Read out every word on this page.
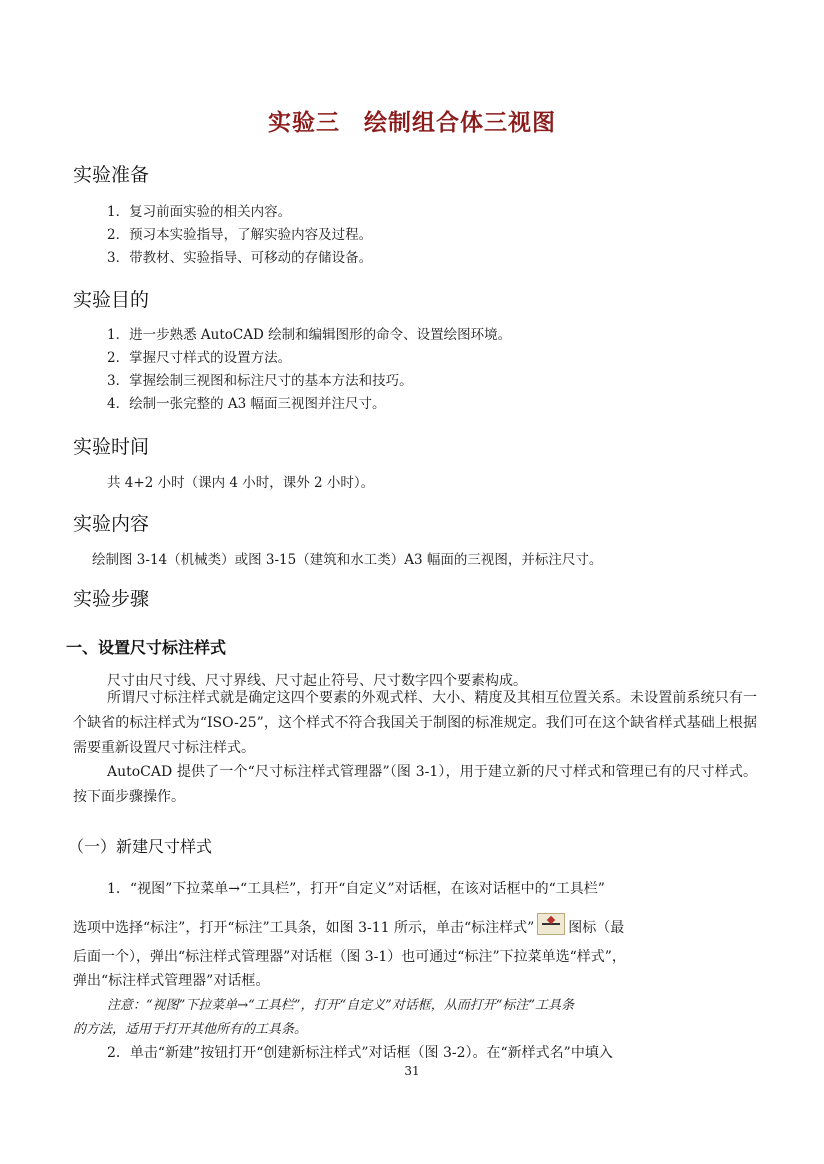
实验三　绘制组合体三视图
实验准备
1．复习前面实验的相关内容。
2．预习本实验指导，了解实验内容及过程。
3．带教材、实验指导、可移动的存储设备。
实验目的
1．进一步熟悉 AutoCAD 绘制和编辑图形的命令、设置绘图环境。
2．掌握尺寸样式的设置方法。
3．掌握绘制三视图和标注尺寸的基本方法和技巧。
4．绘制一张完整的 A3 幅面三视图并注尺寸。
实验时间
共 4+2 小时（课内 4 小时，课外 2 小时）。
实验内容
绘制图 3-14（机械类）或图 3-15（建筑和水工类）A3 幅面的三视图，并标注尺寸。
实验步骤
一、设置尺寸标注样式
尺寸由尺寸线、尺寸界线、尺寸起止符号、尺寸数字四个要素构成。
所谓尺寸标注样式就是确定这四个要素的外观式样、大小、精度及其相互位置关系。未设置前系统只有一个缺省的标注样式为“ISO-25”，这个样式不符合我国关于制图的标准规定。我们可在这个缺省样式基础上根据需要重新设置尺寸标注样式。
AutoCAD 提供了一个“尺寸标注样式管理器”（图 3-1），用于建立新的尺寸样式和管理已有的尺寸样式。按下面步骤操作。
（一）新建尺寸样式
1．“视图”下拉菜单→“工具栏”，打开“自定义”对话框，在该对话框中的“工具栏”
选项中选择“标注”，打开“标注”工具条，如图 3-11 所示，单击“标注样式” 图标（最
后面一个），弹出“标注样式管理器”对话框（图 3-1）也可通过“标注”下拉菜单选“样式”，
弹出“标注样式管理器”对话框。
注意：“视图”下拉菜单→“工具栏”，打开“自定义”对话框，从而打开“标注”工具条
的方法，适用于打开其他所有的工具条。
2．单击“新建”按钮打开“创建新标注样式”对话框（图 3-2）。在“新样式名”中填入
31
